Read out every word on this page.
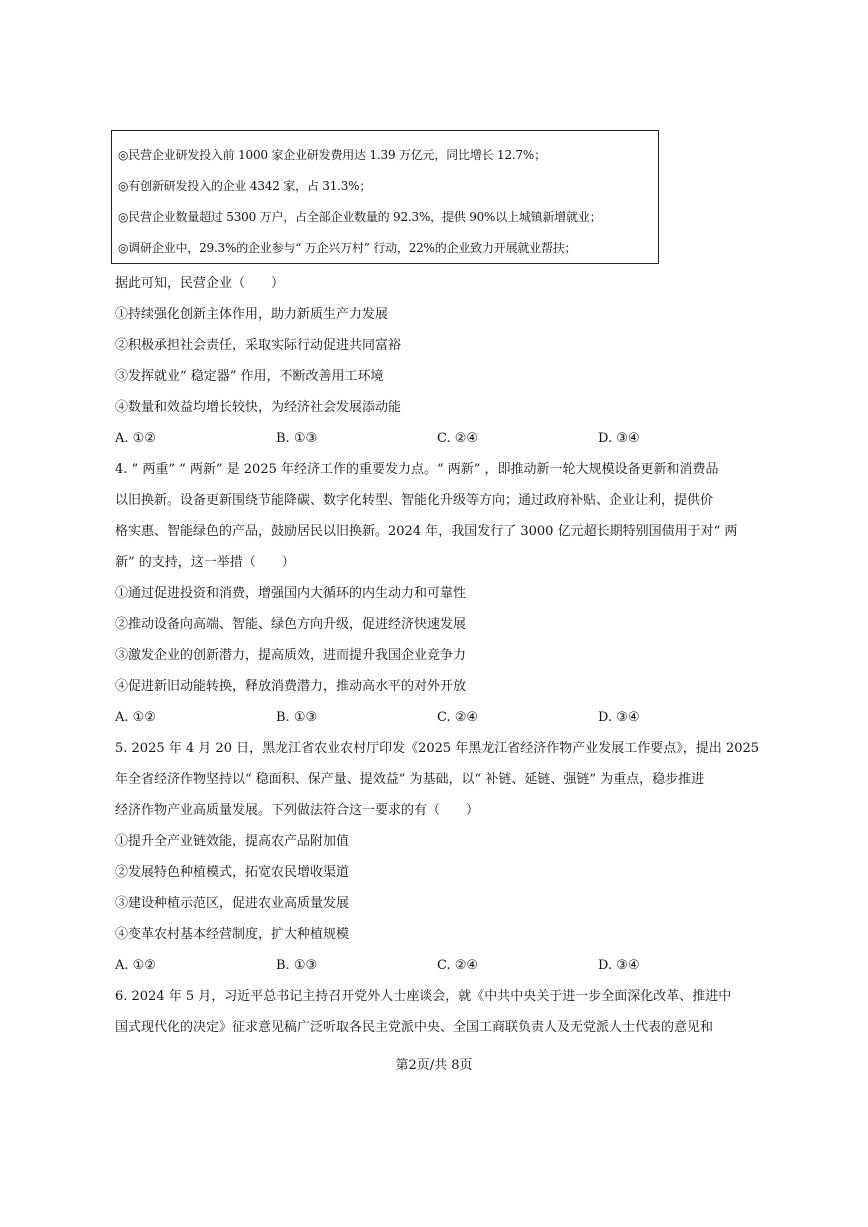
◎民营企业研发投入前 1000 家企业研发费用达 1.39 万亿元，同比增长 12.7%；
◎有创新研发投入的企业 4342 家，占 31.3%；
◎民营企业数量超过 5300 万户，占全部企业数量的 92.3%，提供 90%以上城镇新增就业；
◎调研企业中，29.3%的企业参与“ 万企兴万村” 行动，22%的企业致力开展就业帮扶；
据此可知，民营企业（　　）
①持续强化创新主体作用，助力新质生产力发展
②积极承担社会责任，采取实际行动促进共同富裕
③发挥就业“ 稳定器” 作用，不断改善用工环境
④数量和效益均增长较快，为经济社会发展添动能
A. ①②	B. ①③	C. ②④	D. ③④
4. “ 两重” “ 两新” 是 2025 年经济工作的重要发力点。“ 两新” ，即推动新一轮大规模设备更新和消费品
以旧换新。设备更新围绕节能降碳、数字化转型、智能化升级等方向；通过政府补贴、企业让利，提供价
格实惠、智能绿色的产品，鼓励居民以旧换新。2024 年，我国发行了 3000 亿元超长期特别国债用于对“ 两
新” 的支持，这一举措（　　）
①通过促进投资和消费，增强国内大循环的内生动力和可靠性
②推动设备向高端、智能、绿色方向升级，促进经济快速发展
③激发企业的创新潜力，提高质效，进而提升我国企业竞争力
④促进新旧动能转换，释放消费潜力，推动高水平的对外开放
A. ①②	B. ①③	C. ②④	D. ③④
5. 2025 年 4 月 20 日，黑龙江省农业农村厅印发《2025 年黑龙江省经济作物产业发展工作要点》，提出 2025
年全省经济作物坚持以“ 稳面积、保产量、提效益” 为基础，以“ 补链、延链、强链” 为重点，稳步推进
经济作物产业高质量发展。下列做法符合这一要求的有（　　）
①提升全产业链效能，提高农产品附加值
②发展特色种植模式，拓宽农民增收渠道
③建设种植示范区，促进农业高质量发展
④变革农村基本经营制度，扩大种植规模
A. ①②	B. ①③	C. ②④	D. ③④
6. 2024 年 5 月，习近平总书记主持召开党外人士座谈会，就《中共中央关于进一步全面深化改革、推进中
国式现代化的决定》征求意见稿广泛听取各民主党派中央、全国工商联负责人及无党派人士代表的意见和
第2页/共 8页
